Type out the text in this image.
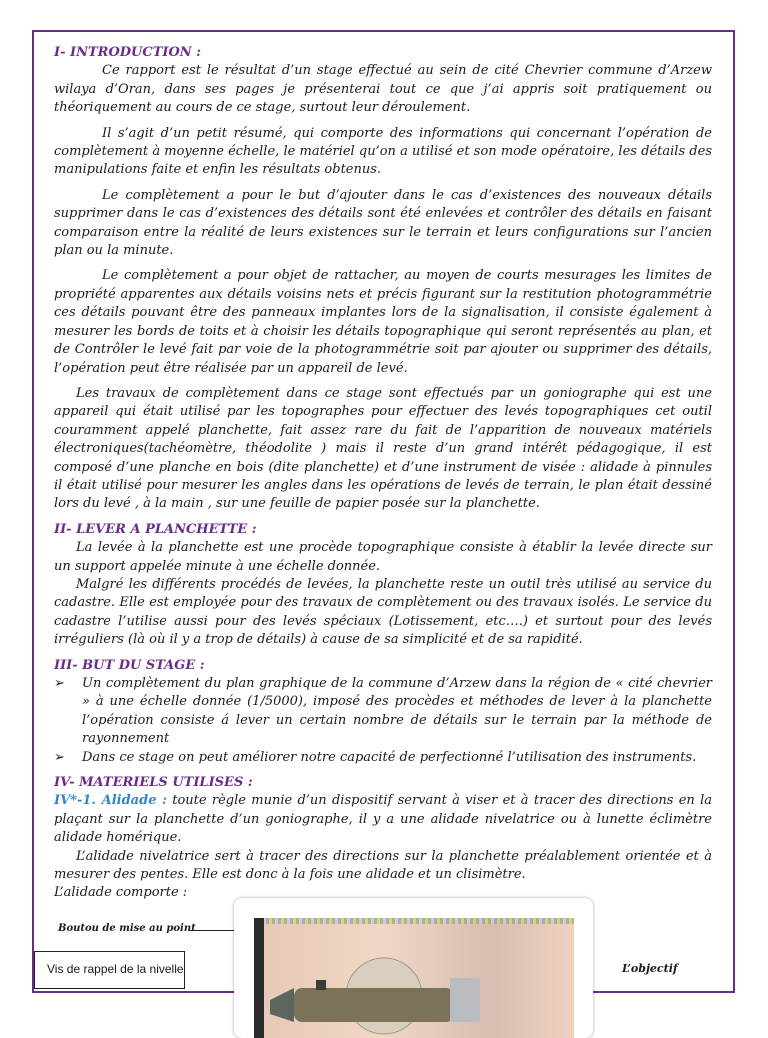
I- INTRODUCTION :

Ce rapport est le résultat d’un stage effectué au sein de cité Chevrier commune d’Arzew wilaya d’Oran, dans ses pages je présenterai tout ce que j’ai appris soit pratiquement ou théoriquement au cours de ce stage, surtout leur déroulement.

Il s’agit d’un petit résumé, qui comporte des informations qui concernant l’opération de complètement à moyenne échelle, le matériel qu’on a utilisé et son mode opératoire, les détails des manipulations faite et enfin les résultats obtenus.

Le complètement a pour le but d’ajouter dans le cas d’existences des nouveaux détails supprimer dans le cas d’existences des détails sont été enlevées et contrôler des détails en faisant comparaison entre la réalité de leurs existences sur le terrain et leurs configurations sur l’ancien plan ou la minute.

Le complètement a pour objet de rattacher, au moyen de courts mesurages les limites de propriété apparentes aux détails voisins nets et précis figurant sur la restitution photogrammétrie ces détails pouvant être des panneaux implantes lors de la signalisation, il consiste également à mesurer les bords de toits et à choisir les détails topographique qui seront représentés au plan, et de Contrôler le levé fait par voie de la photogrammétrie soit par ajouter ou supprimer des détails, l’opération peut être réalisée par un appareil de levé.

Les travaux de complètement dans ce stage sont effectués par un goniographe qui est une appareil qui était utilisé par les topographes pour effectuer des levés topographiques cet outil couramment appelé planchette, fait assez rare du fait de l’apparition de nouveaux matériels électroniques(tachéomètre, théodolite ) mais il reste d’un grand intérêt pédagogique, il est composé d’une planche en bois (dite planchette) et d’une instrument de visée : alidade à pinnules il était utilisé pour mesurer les angles dans les opérations de levés de terrain, le plan était dessiné lors du levé , à la main , sur une feuille de papier posée sur la planchette.

II- LEVER A PLANCHETTE :

La levée à la planchette est une procède topographique consiste à établir la levée directe sur un support appelée minute à une échelle donnée.

Malgré les différents procédés de levées, la planchette reste un outil très utilisé au service du cadastre. Elle est employée pour des travaux de complètement ou des travaux isolés. Le service du cadastre l’utilise aussi pour des levés spéciaux (Lotissement, etc….) et surtout pour des levés irréguliers (là où il y a trop de détails) à cause de sa simplicité et de sa rapidité.

III- BUT DU STAGE :
➢	Un complètement du plan graphique de la commune d’Arzew dans la région de « cité chevrier » à une échelle donnée (1/5000), imposé des procèdes et méthodes de lever à la planchette l’opération consiste á lever un certain nombre de détails sur le terrain par la méthode de rayonnement
➢	Dans ce stage on peut améliorer notre capacité de perfectionné l’utilisation des instruments.
IV- MATERIELS UTILISES :

IV*-1. Alidade : toute règle munie d’un dispositif servant à viser et à tracer des directions en la plaçant sur la planchette d’un goniographe, il y a une alidade nivelatrice ou à lunette éclimètre alidade homérique.

L’alidade nivelatrice sert à tracer des directions sur la planchette préalablement orientée et à mesurer des pentes. Elle est donc à la fois une alidade et un clisimètre.

L’alidade comporte :

Boutou de mise au point
Vis de rappel de la nivelle	L’objectif
